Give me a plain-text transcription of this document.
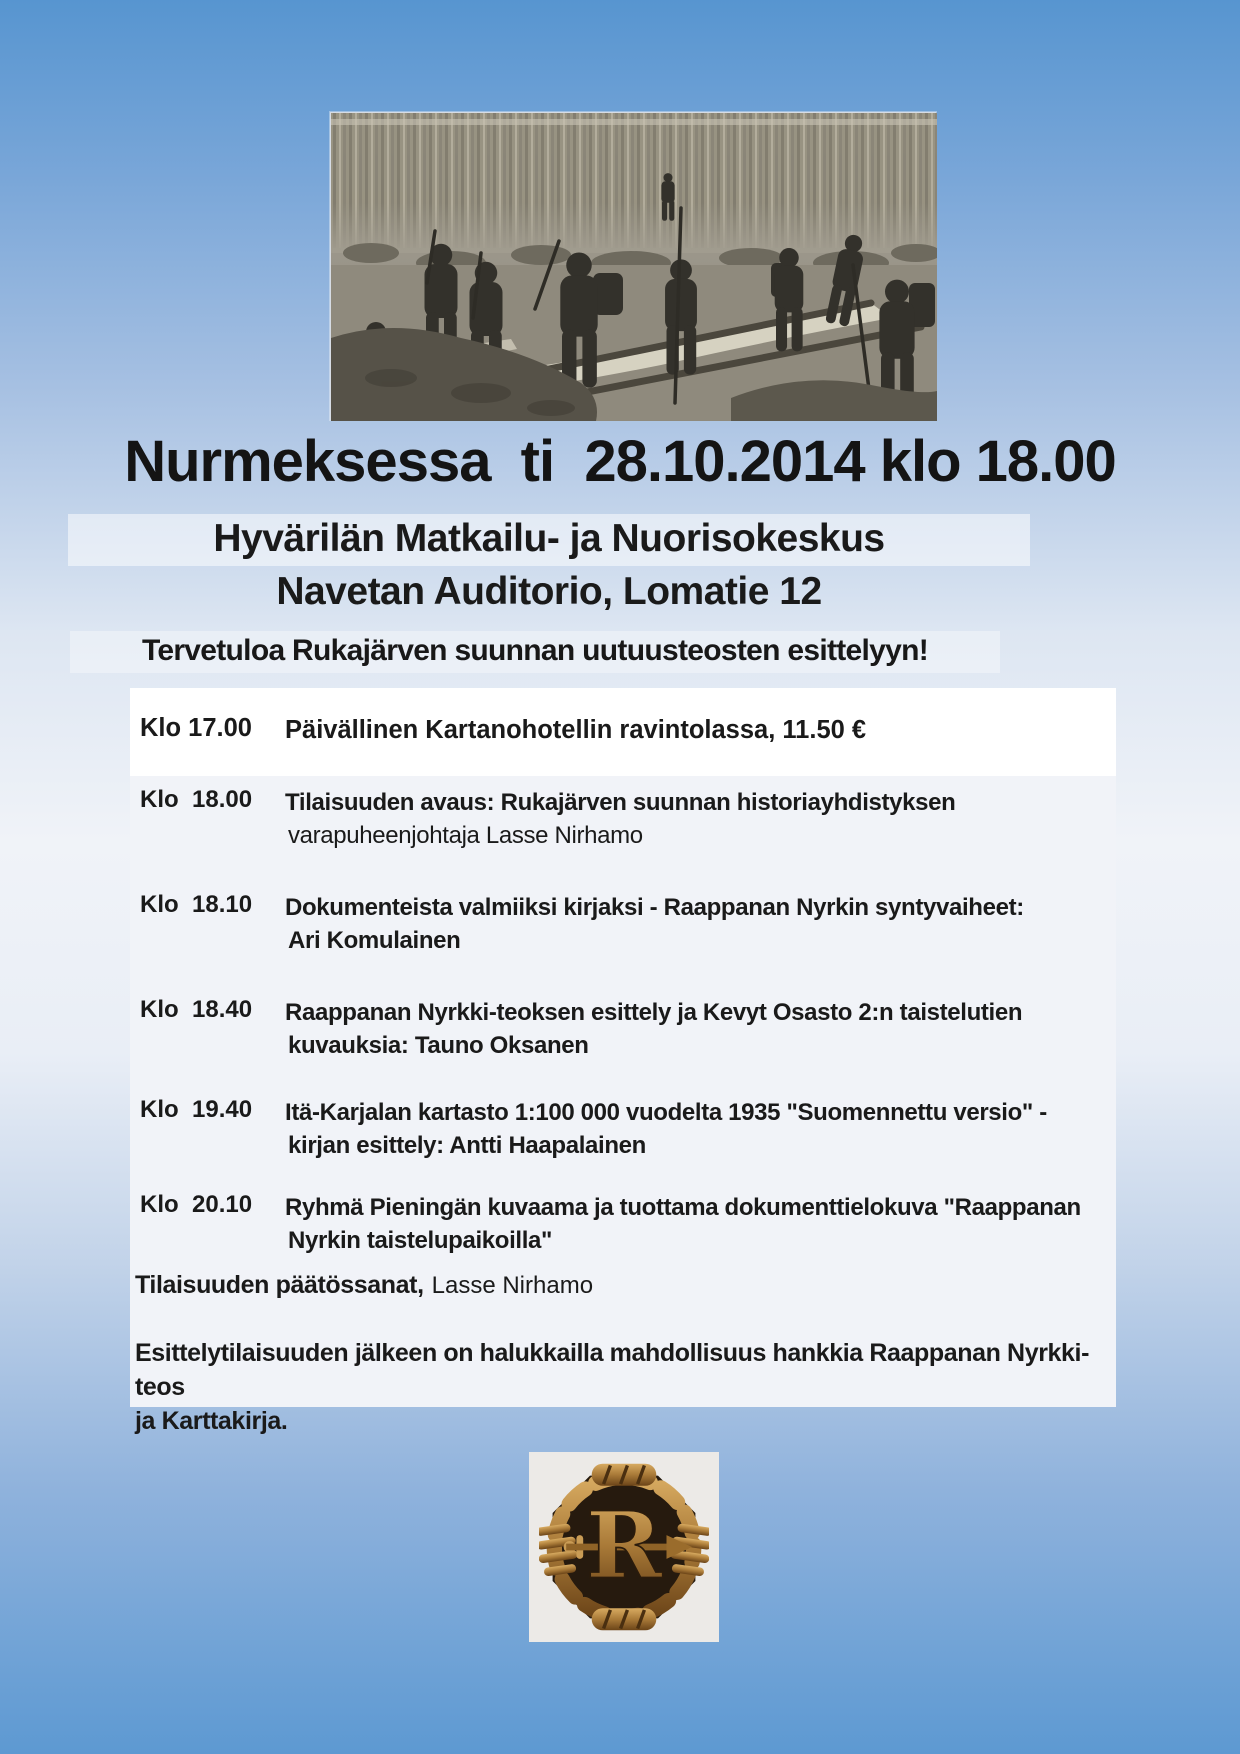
Nurmeksessa  ti  28.10.2014 klo 18.00
Hyvärilän Matkailu- ja Nuorisokeskus
Navetan Auditorio, Lomatie 12
Tervetuloa Rukajärven suunnan uutuusteosten esittelyyn!
Klo 17.00	Päivällinen Kartanohotellin ravintolassa, 11.50 €
Klo  18.00	Tilaisuuden avaus: Rukajärven suunnan historiayhdistyksen
varapuheenjohtaja Lasse Nirhamo
Klo  18.10	Dokumenteista valmiiksi kirjaksi - Raappanan Nyrkin syntyvaiheet:
Ari Komulainen
Klo  18.40	Raappanan Nyrkki-teoksen esittely ja Kevyt Osasto 2:n taistelutien
kuvauksia: Tauno Oksanen
Klo  19.40	Itä-Karjalan kartasto 1:100 000 vuodelta 1935 "Suomennettu versio" -
kirjan esittely: Antti Haapalainen
Klo  20.10	Ryhmä Pieningän kuvaama ja tuottama dokumenttielokuva "Raappanan
Nyrkin taistelupaikoilla"
Tilaisuuden päätössanat, Lasse Nirhamo
Esittelytilaisuuden jälkeen on halukkailla mahdollisuus hankkia Raappanan Nyrkki-teos
ja Karttakirja.
R
